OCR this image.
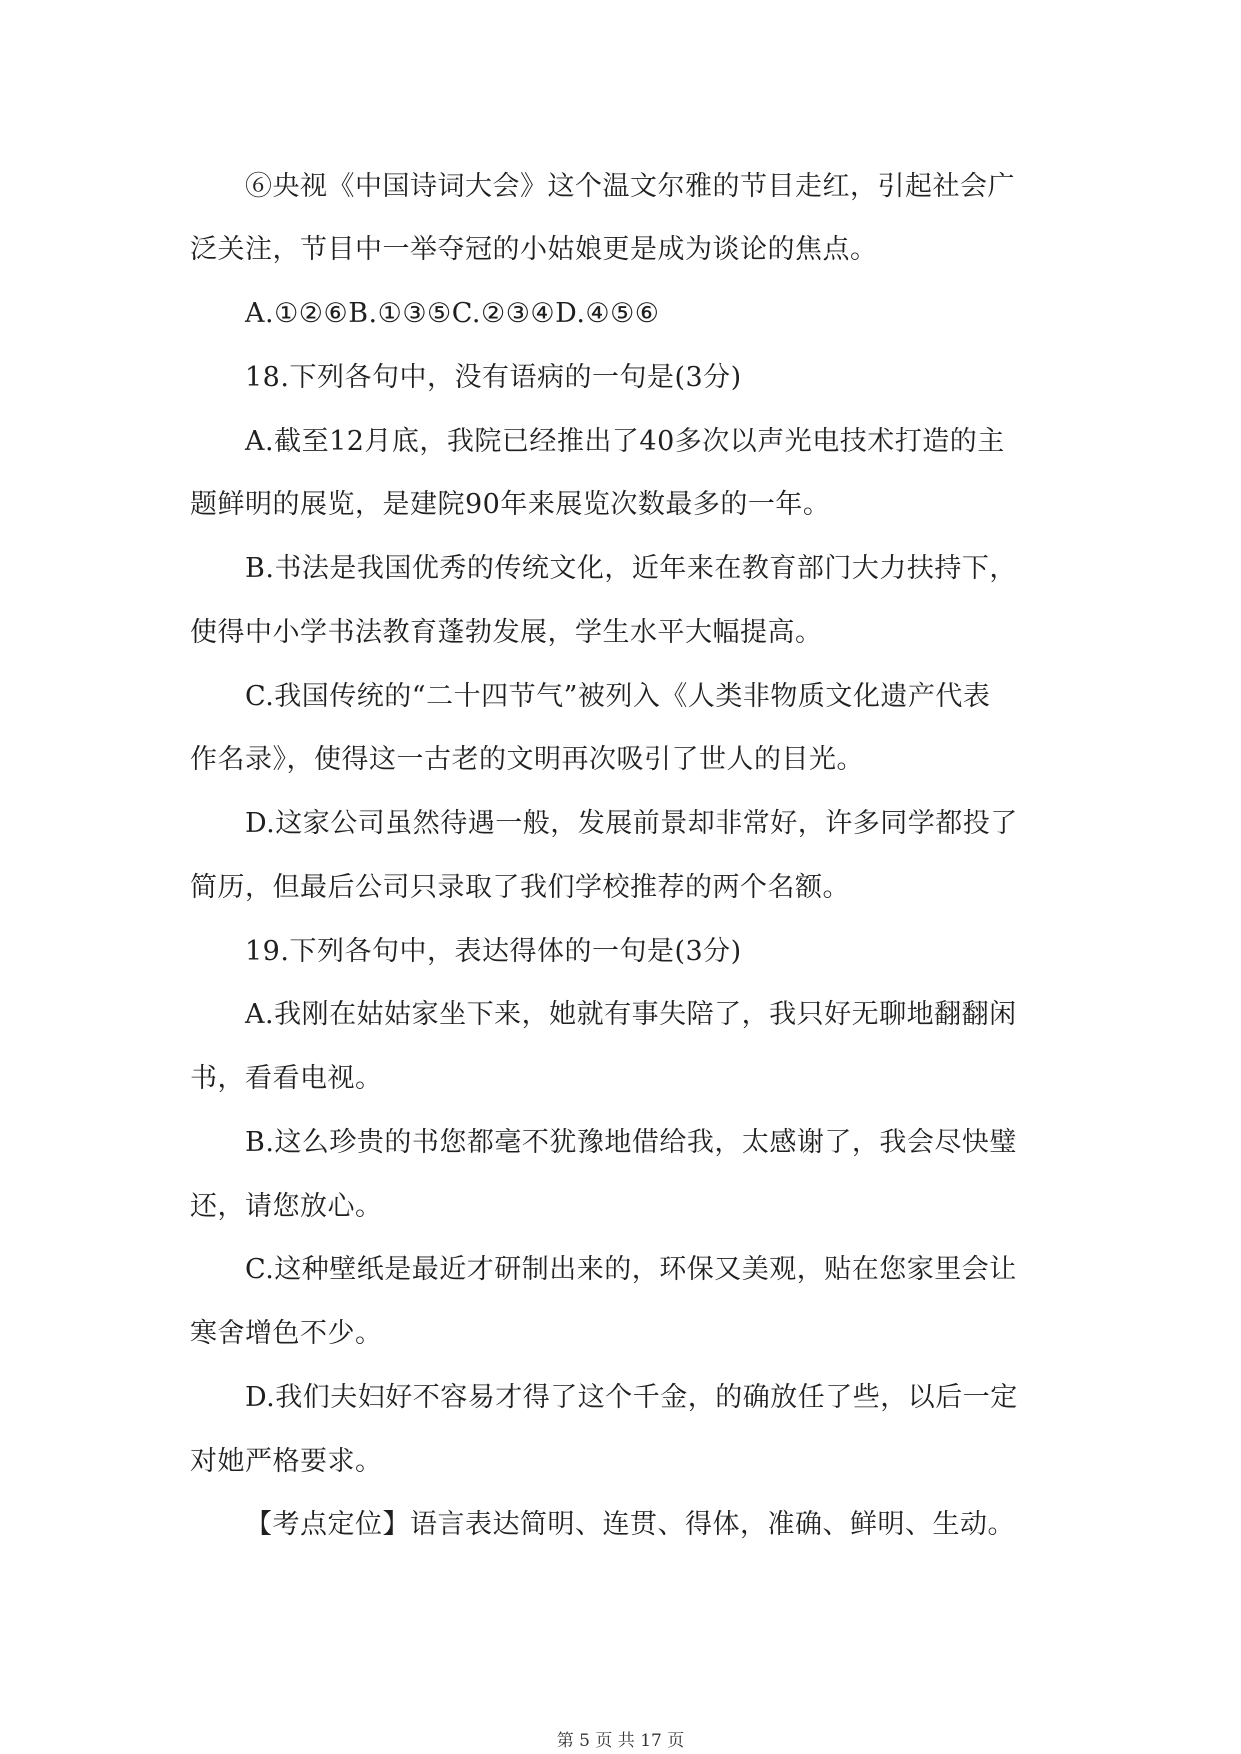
⑥央视《中国诗词大会》这个温文尔雅的节目走红，引起社会广
泛关注，节目中一举夺冠的小姑娘更是成为谈论的焦点。
A.①②⑥B.①③⑤C.②③④D.④⑤⑥
18.下列各句中，没有语病的一句是(3分)
A.截至12月底，我院已经推出了40多次以声光电技术打造的主
题鲜明的展览，是建院90年来展览次数最多的一年。
B.书法是我国优秀的传统文化，近年来在教育部门大力扶持下，
使得中小学书法教育蓬勃发展，学生水平大幅提高。
C.我国传统的“二十四节气”被列入《人类非物质文化遗产代表
作名录》，使得这一古老的文明再次吸引了世人的目光。
D.这家公司虽然待遇一般，发展前景却非常好，许多同学都投了
简历，但最后公司只录取了我们学校推荐的两个名额。
19.下列各句中，表达得体的一句是(3分)
A.我刚在姑姑家坐下来，她就有事失陪了，我只好无聊地翻翻闲
书，看看电视。
B.这么珍贵的书您都毫不犹豫地借给我，太感谢了，我会尽快璧
还，请您放心。
C.这种壁纸是最近才研制出来的，环保又美观，贴在您家里会让
寒舍增色不少。
D.我们夫妇好不容易才得了这个千金，的确放任了些，以后一定
对她严格要求。
【考点定位】语言表达简明、连贯、得体，准确、鲜明、生动。
第 5 页 共 17 页
